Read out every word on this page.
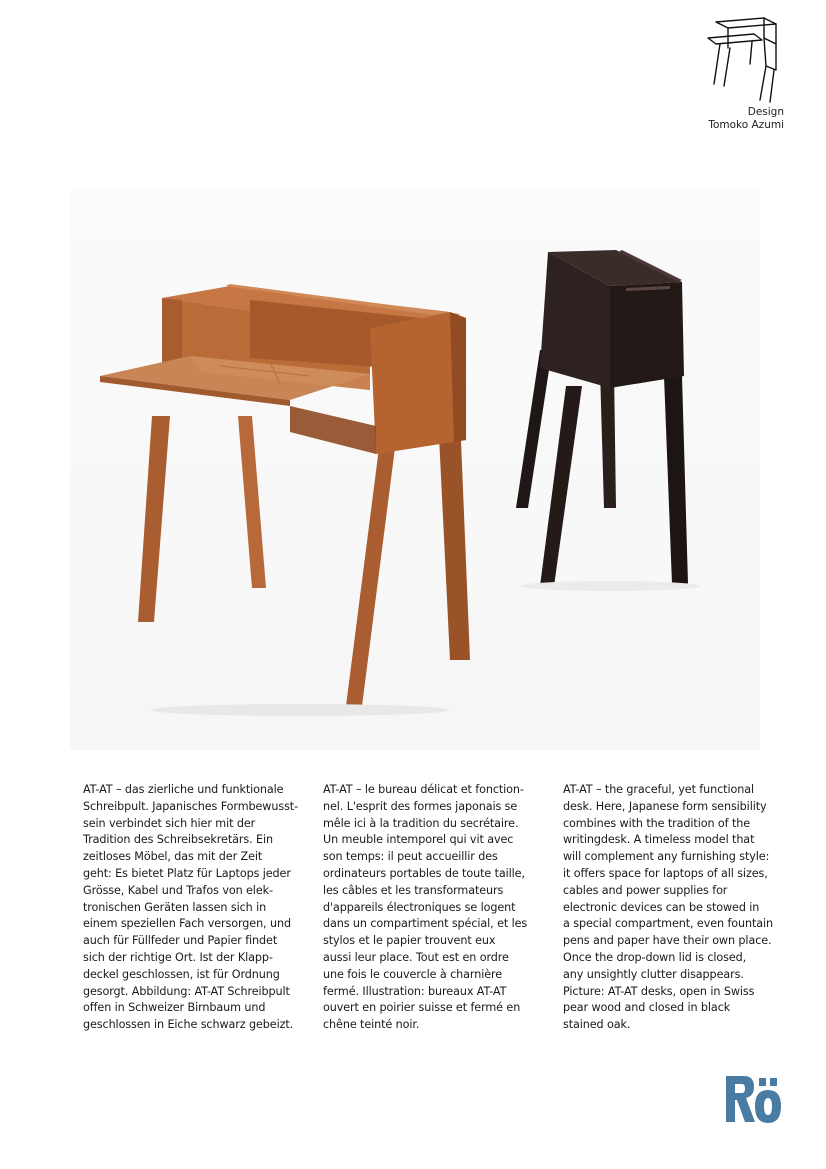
Design
Tomoko Azumi
AT-AT – das zierliche und funktionale
Schreibpult. Japanisches Formbewusst-
sein verbindet sich hier mit der
Tradition des Schreibsekretärs. Ein
zeitloses Möbel, das mit der Zeit
geht: Es bietet Platz für Laptops jeder
Grösse, Kabel und Trafos von elek-
tronischen Geräten lassen sich in
einem speziellen Fach versorgen, und
auch für Füllfeder und Papier findet
sich der richtige Ort. Ist der Klapp-
deckel geschlossen, ist für Ordnung
gesorgt. Abbildung: AT-AT Schreibpult
offen in Schweizer Birnbaum und
geschlossen in Eiche schwarz gebeizt.
AT-AT – le bureau délicat et fonction-
nel. L'esprit des formes japonais se
mêle ici à la tradition du secrétaire.
Un meuble intemporel qui vit avec
son temps: il peut accueillir des
ordinateurs portables de toute taille,
les câbles et les transformateurs
d'appareils électroniques se logent
dans un compartiment spécial, et les
stylos et le papier trouvent eux
aussi leur place. Tout est en ordre
une fois le couvercle à charnière
fermé. Illustration: bureaux AT-AT
ouvert en poirier suisse et fermé en
chêne teinté noir.
AT-AT – the graceful, yet functional
desk. Here, Japanese form sensibility
combines with the tradition of the
writingdesk. A timeless model that
will complement any furnishing style:
it offers space for laptops of all sizes,
cables and power supplies for
electronic devices can be stowed in
a special compartment, even fountain
pens and paper have their own place.
Once the drop-down lid is closed,
any unsightly clutter disappears.
Picture: AT-AT desks, open in Swiss
pear wood and closed in black
stained oak.
